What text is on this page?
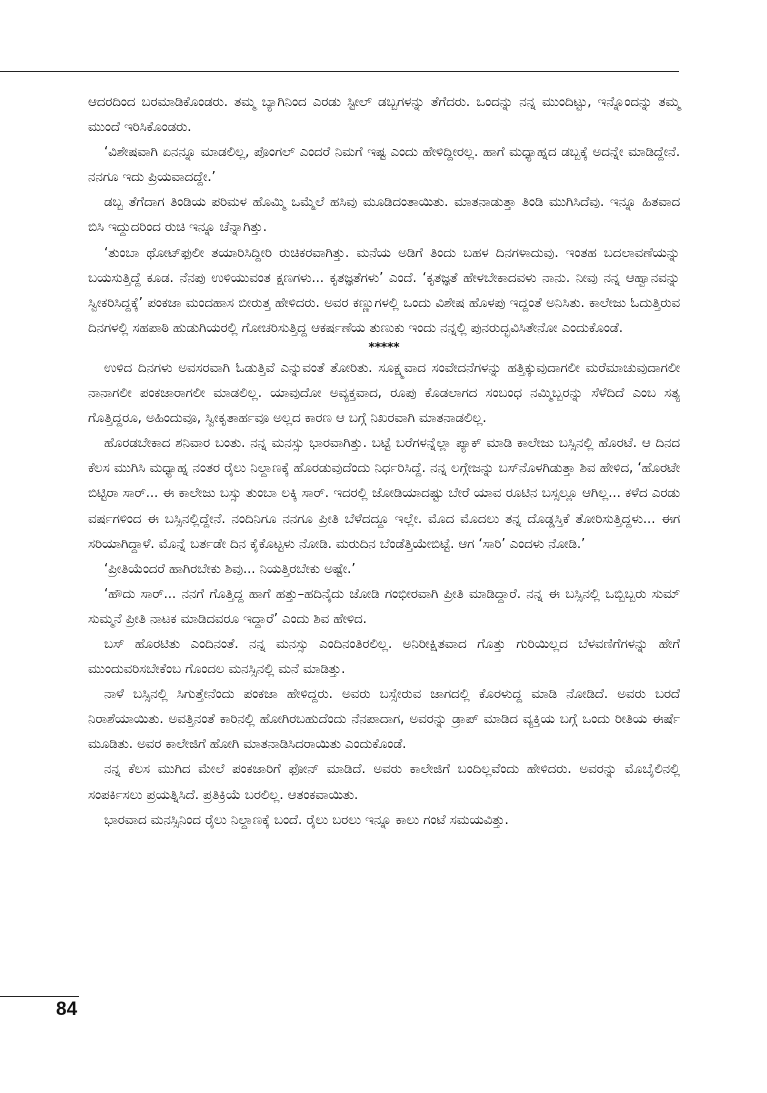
ಆದರದಿಂದ ಬರಮಾಡಿಕೊಂಡರು. ತಮ್ಮ ಬ್ಯಾಗಿನಿಂದ ಎರಡು ಸ್ಟೀಲ್ ಡಬ್ಬಗಳನ್ನು ತೆಗೆದರು. ಒಂದನ್ನು ನನ್ನ ಮುಂದಿಟ್ಟು, ಇನ್ನೊಂದನ್ನು ತಮ್ಮ ಮುಂದೆ ಇರಿಸಿಕೊಂಡರು.

‘ವಿಶೇಷವಾಗಿ ಏನನ್ನೂ ಮಾಡಲಿಲ್ಲ, ಪೊಂಗಲ್ ಎಂದರೆ ನಿಮಗೆ ಇಷ್ಟ ಎಂದು ಹೇಳಿದ್ದೀರಲ್ಲ. ಹಾಗೆ ಮಧ್ಯಾಹ್ನದ ಡಬ್ಬಕ್ಕೆ ಅದನ್ನೇ ಮಾಡಿದ್ದೇನೆ. ನನಗೂ ಇದು ಪ್ರಿಯವಾದದ್ದೇ.’

ಡಬ್ಬ ತೆಗೆದಾಗ ತಿಂಡಿಯ ಪರಿಮಳ ಹೊಮ್ಮಿ ಒಮ್ಮೆಲೆ ಹಸಿವು ಮೂಡಿದಂತಾಯಿತು. ಮಾತನಾಡುತ್ತಾ ತಿಂಡಿ ಮುಗಿಸಿದೆವು. ಇನ್ನೂ ಹಿತವಾದ ಬಿಸಿ ಇದ್ದುದರಿಂದ ರುಚಿ ಇನ್ನೂ ಚೆನ್ನಾಗಿತ್ತು.

‘ತುಂಬಾ ಥೋಟ್‌ಫುಲೀ ತಯಾರಿಸಿದ್ದೀರಿ ರುಚಿಕರವಾಗಿತ್ತು. ಮನೆಯ ಅಡಿಗೆ ತಿಂದು ಬಹಳ ದಿನಗಳಾದುವು. ಇಂತಹ ಬದಲಾವಣೆಯನ್ನು ಬಯಸುತ್ತಿದ್ದೆ ಕೂಡ. ನೆನಪು ಉಳಿಯುವಂತ ಕ್ಷಣಗಳು... ಕೃತಜ್ಞತೆಗಳು’ ಎಂದೆ. ‘ಕೃತಜ್ಞತೆ ಹೇಳಬೇಕಾದವಳು ನಾನು. ನೀವು ನನ್ನ ಆಹ್ವಾನವನ್ನು ಸ್ವೀಕರಿಸಿದ್ದಕ್ಕೆ’ ಪಂಕಜಾ ಮಂದಹಾಸ ಬೀರುತ್ತ ಹೇಳಿದರು. ಅವರ ಕಣ್ಣುಗಳಲ್ಲಿ ಒಂದು ವಿಶೇಷ ಹೊಳಪು ಇದ್ದಂತೆ ಅನಿಸಿತು. ಕಾಲೇಜು ಓದುತ್ತಿರುವ ದಿನಗಳಲ್ಲಿ ಸಹಪಾಠಿ ಹುಡುಗಿಯರಲ್ಲಿ ಗೋಚರಿಸುತ್ತಿದ್ದ ಆಕರ್ಷಣೆಯ ತುಣುಕು ಇಂದು ನನ್ನಲ್ಲಿ ಪುನರುದ್ಭವಿಸಿತೇನೋ ಎಂದುಕೊಂಡೆ.

*****

ಉಳಿದ ದಿನಗಳು ಅವಸರವಾಗಿ ಓಡುತ್ತಿವೆ ಎನ್ನುವಂತೆ ತೋರಿತು. ಸೂಕ್ಷ್ಮವಾದ ಸಂವೇದನೆಗಳನ್ನು ಹತ್ತಿಕ್ಕುವುದಾಗಲೀ ಮರೆಮಾಚುವುದಾಗಲೀ ನಾನಾಗಲೀ ಪಂಕಜಾರಾಗಲೀ ಮಾಡಲಿಲ್ಲ. ಯಾವುದೋ ಅವ್ಯಕ್ತವಾದ, ರೂಪು ಕೊಡಲಾಗದ ಸಂಬಂಧ ನಮ್ಮಿಬ್ಬರನ್ನು ಸೆಳೆದಿದೆ ಎಂಬ ಸತ್ಯ ಗೊತ್ತಿದ್ದರೂ, ಅಹಿಂದುವೂ, ಸ್ವೀಕೃತಾರ್ಹವೂ ಅಲ್ಲದ ಕಾರಣ ಆ ಬಗ್ಗೆ ನಿಖರವಾಗಿ ಮಾತನಾಡಲಿಲ್ಲ.

ಹೊರಡಬೇಕಾದ ಶನಿವಾರ ಬಂತು. ನನ್ನ ಮನಸ್ಸು ಭಾರವಾಗಿತ್ತು. ಬಟ್ಟೆ ಬರೆಗಳನ್ನೆಲ್ಲಾ ಪ್ಯಾಕ್ ಮಾಡಿ ಕಾಲೇಜು ಬಸ್ಸಿನಲ್ಲಿ ಹೊರಟೆ. ಆ ದಿನದ ಕೆಲಸ ಮುಗಿಸಿ ಮಧ್ಯಾಹ್ನ ನಂತರ ರೈಲು ನಿಲ್ದಾಣಕ್ಕೆ ಹೊರಡುವುದೆಂದು ನಿರ್ಧರಿಸಿದ್ದೆ. ನನ್ನ ಲಗ್ಗೇಜನ್ನು ಬಸ್‌ನೊಳಗಿಡುತ್ತಾ ಶಿವ ಹೇಳಿದ, ‘ಹೊರಟೇ ಬಿಟ್ಟಿರಾ ಸಾರ್... ಈ ಕಾಲೇಜು ಬಸ್ಸು ತುಂಬಾ ಲಕ್ಕಿ ಸಾರ್. ಇದರಲ್ಲಿ ಜೋಡಿಯಾದಷ್ಟು ಬೇರೆ ಯಾವ ರೂಟಿನ ಬಸ್ಸಲ್ಲೂ ಆಗಿಲ್ಲ... ಕಳೆದ ಎರಡು ವರ್ಷಗಳಿಂದ ಈ ಬಸ್ಸಿನಲ್ಲಿದ್ದೇನೆ. ನಂದಿನಿಗೂ ನನಗೂ ಪ್ರೀತಿ ಬೆಳೆದದ್ದೂ ಇಲ್ಲೇ. ಮೊದ ಮೊದಲು ತನ್ನ ದೊಡ್ಡಸ್ತಿಕೆ ತೋರಿಸುತ್ತಿದ್ದಳು... ಈಗ ಸರಿಯಾಗಿದ್ದಾಳೆ. ಮೊನ್ನೆ ಬರ್ತಡೇ ದಿನ ಕೈಕೊಟ್ಟಳು ನೋಡಿ. ಮರುದಿನ ಬೆಂಡೆತ್ತಿಯೇಬಿಟ್ಟೆ. ಆಗ ‘ಸಾರಿ’ ಎಂದಳು ನೋಡಿ.’

‘ಪ್ರೀತಿಯೆಂದರೆ ಹಾಗಿರಬೇಕು ಶಿವು... ನಿಯತ್ತಿರಬೇಕು ಅಷ್ಟೇ.’

‘ಹೌದು ಸಾರ್... ನನಗೆ ಗೊತ್ತಿದ್ದ ಹಾಗೆ ಹತ್ತು–ಹದಿನೈದು ಜೋಡಿ ಗಂಭೀರವಾಗಿ ಪ್ರೀತಿ ಮಾಡಿದ್ದಾರೆ. ನನ್ನ ಈ ಬಸ್ಸಿನಲ್ಲಿ ಒಬ್ಬಿಬ್ಬರು ಸುಮ್ ಸುಮ್ಮನೆ ಪ್ರೀತಿ ನಾಟಕ ಮಾಡಿದವರೂ ಇದ್ದಾರೆ’ ಎಂದು ಶಿವ ಹೇಳಿದ.

ಬಸ್ ಹೊರಟಿತು ಎಂದಿನಂತೆ. ನನ್ನ ಮನಸ್ಸು ಎಂದಿನಂತಿರಲಿಲ್ಲ. ಅನಿರೀಕ್ಷಿತವಾದ ಗೊತ್ತು ಗುರಿಯಿಲ್ಲದ ಬೆಳವಣಿಗೆಗಳನ್ನು ಹೇಗೆ ಮುಂದುವರಿಸಬೇಕೆಂಬ ಗೊಂದಲ ಮನಸ್ಸಿನಲ್ಲಿ ಮನೆ ಮಾಡಿತ್ತು.

ನಾಳೆ ಬಸ್ಸಿನಲ್ಲಿ ಸಿಗುತ್ತೇನೆಂದು ಪಂಕಜಾ ಹೇಳಿದ್ದರು. ಅವರು ಬಸ್ಸೇರುವ ಜಾಗದಲ್ಲಿ ಕೊರಳುದ್ದ ಮಾಡಿ ನೋಡಿದೆ. ಅವರು ಬರದೆ ನಿರಾಶೆಯಾಯಿತು. ಅವತ್ತಿನಂತೆ ಕಾರಿನಲ್ಲಿ ಹೋಗಿರಬಹುದೆಂದು ನೆನಪಾದಾಗ, ಅವರನ್ನು ಡ್ರಾಪ್ ಮಾಡಿದ ವ್ಯಕ್ತಿಯ ಬಗ್ಗೆ ಒಂದು ರೀತಿಯ ಈರ್ಷೆ ಮೂಡಿತು. ಅವರ ಕಾಲೇಜಿಗೆ ಹೋಗಿ ಮಾತನಾಡಿಸಿದರಾಯಿತು ಎಂದುಕೊಂಡೆ.

ನನ್ನ ಕೆಲಸ ಮುಗಿದ ಮೇಲೆ ಪಂಕಜಾರಿಗೆ ಫೋನ್ ಮಾಡಿದೆ. ಅವರು ಕಾಲೇಜಿಗೆ ಬಂದಿಲ್ಲವೆಂದು ಹೇಳಿದರು. ಅವರನ್ನು ಮೊಬೈಲಿನಲ್ಲಿ ಸಂಪರ್ಕಿಸಲು ಪ್ರಯತ್ನಿಸಿದೆ. ಪ್ರತಿಕ್ರಿಯೆ ಬರಲಿಲ್ಲ. ಆತಂಕವಾಯಿತು.

ಭಾರವಾದ ಮನಸ್ಸಿನಿಂದ ರೈಲು ನಿಲ್ದಾಣಕ್ಕೆ ಬಂದೆ. ರೈಲು ಬರಲು ಇನ್ನೂ ಕಾಲು ಗಂಟೆ ಸಮಯವಿತ್ತು.

84
